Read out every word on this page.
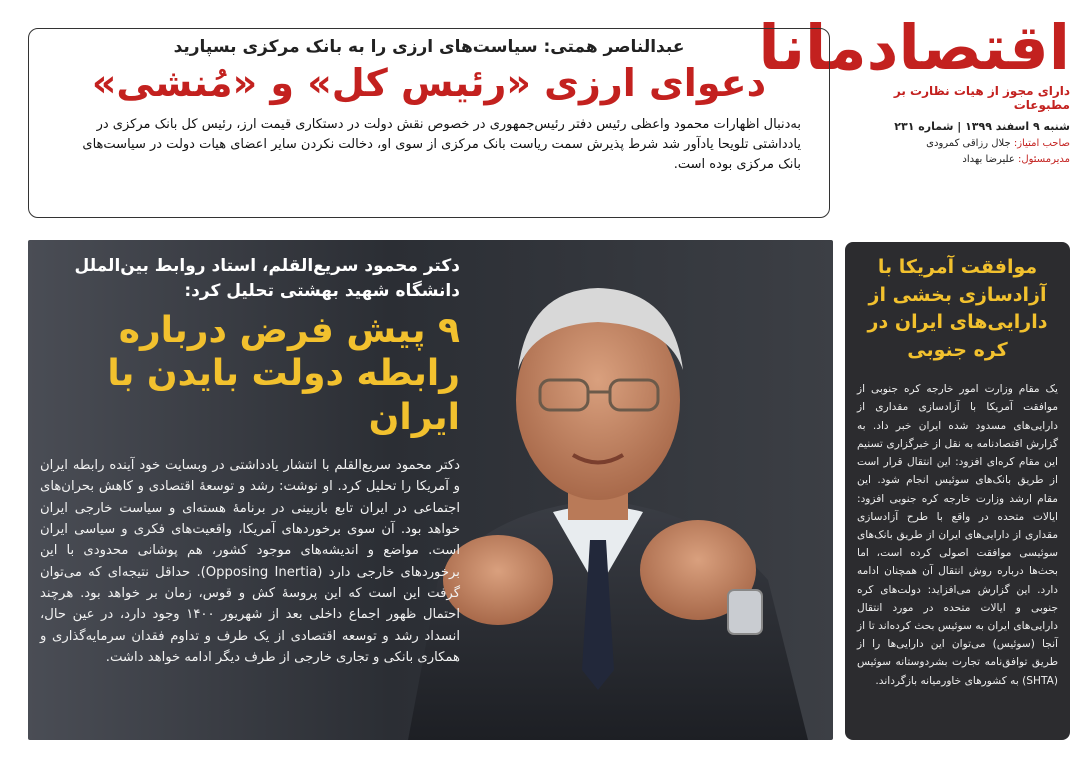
اقتصادمانا
دارای مجوز از هیات نظارت بر مطبوعات
شنبه ۹ اسفند ۱۳۹۹ | شماره ۲۳۱
صاحب امتیاز: جلال رزاقی کمرودی
مدیرمسئول: علیرضا بهداد
عبدالناصر همتی: سیاست‌های ارزی را به بانک مرکزی بسپارید
دعوای ارزی «رئیس کل» و «مُنشی»
به‌دنبال اظهارات محمود واعظی رئیس دفتر رئیس‌جمهوری در خصوص نقش دولت در دستکاری قیمت ارز، رئیس کل بانک مرکزی در یادداشتی تلویحا یادآور شد شرط پذیرش سمت ریاست بانک مرکزی از سوی او، دخالت نکردن سایر اعضای هیات دولت در سیاست‌های بانک مرکزی بوده است.
دکتر محمود سریع‌القلم، استاد روابط بین‌الملل دانشگاه شهید بهشتی تحلیل کرد:
۹ پیش فرض درباره رابطه دولت بایدن با ایران
دکتر محمود سریع‌القلم با انتشار یادداشتی در وبسایت خود آینده رابطه ایران و آمریکا را تحلیل کرد. او نوشت: رشد و توسعۀ اقتصادی و کاهش بحران‌های اجتماعی در ایران تابع بازبینی در برنامۀ هسته‌ای و سیاست خارجی ایران خواهد بود. آن سوی برخوردهای آمریکا، واقعیت‌های فکری و سیاسی ایران است. مواضع و اندیشه‌های موجود کشور، هم پوشانی محدودی با این برخوردهای خارجی دارد (Opposing Inertia). حداقل نتیجه‌ای که می‌توان گرفت این است که این پروسۀ کش و قوس، زمان بر خواهد بود. هرچند احتمال ظهور اجماع داخلی بعد از شهریور ۱۴۰۰ وجود دارد، در عین حال، انسداد رشد و توسعه اقتصادی از یک طرف و تداوم فقدان سرمایه‌گذاری و همکاری بانکی و تجاری خارجی از طرف دیگر ادامه خواهد داشت.
موافقت آمریکا با آزادسازی بخشی از دارایی‌های ایران در کره جنوبی
یک مقام وزارت امور خارجه کره جنوبی از موافقت آمریکا با آزادسازی مقداری از دارایی‌های مسدود شده ایران خبر داد. به گزارش اقتصادنامه به نقل از خبرگزاری تسنیم این مقام کره‌ای افزود: این انتقال قرار است از طریق بانک‌های سوئیس انجام شود. این مقام ارشد وزارت خارجه کره جنوبی افزود: ایالات متحده در واقع با طرح آزادسازی مقداری از دارایی‌های ایران از طریق بانک‌های سوئیسی موافقت اصولی کرده است، اما بحث‌ها درباره روش انتقال آن همچنان ادامه دارد. این گزارش می‌افزاید: دولت‌های کره جنوبی و ایالات متحده در مورد انتقال دارایی‌های ایران به سوئیس بحث کرده‌اند تا از آنجا (سوئیس) می‌توان این دارایی‌ها را از طریق توافق‌نامه تجارت بشردوستانه سوئیس (SHTA) به کشورهای خاورمیانه بازگرداند.
